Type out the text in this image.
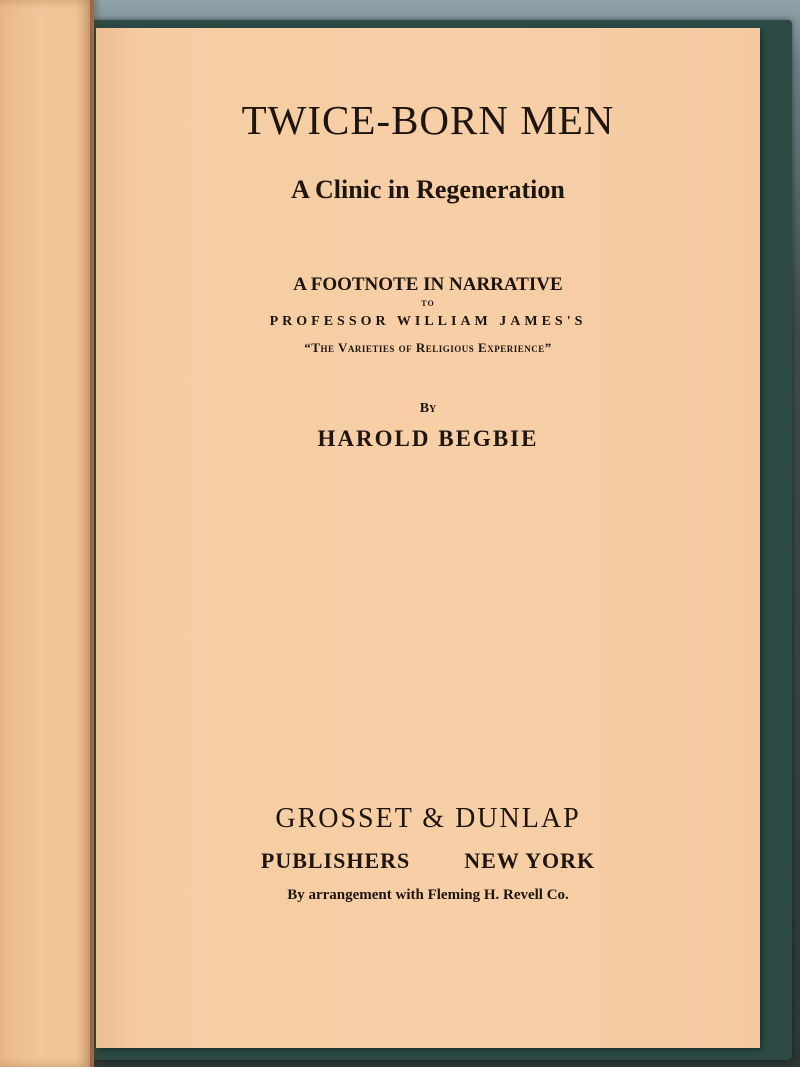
TWICE-BORN MEN
A Clinic in Regeneration
A FOOTNOTE IN NARRATIVE
TO
PROFESSOR WILLIAM JAMES'S
“The Varieties of Religious Experience”
By
HAROLD BEGBIE
GROSSET & DUNLAP
PUBLISHERS NEW YORK
By arrangement with Fleming H. Revell Co.
